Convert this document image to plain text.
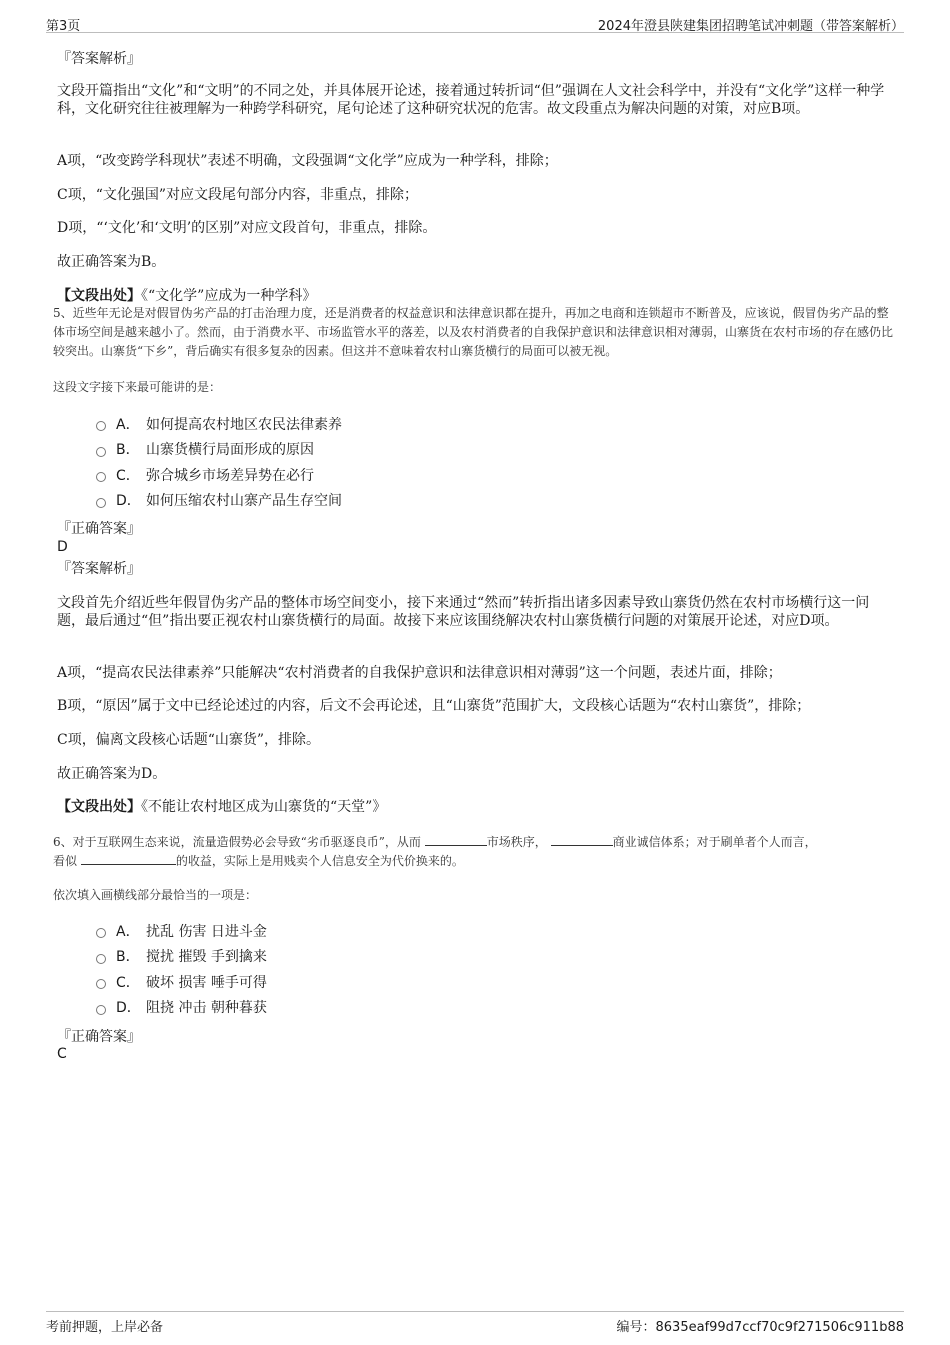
第3页	2024年澄县陕建集团招聘笔试冲刺题（带答案解析）
『答案解析』
文段开篇指出“文化”和“文明”的不同之处，并具体展开论述，接着通过转折词“但”强调在人文社会科学中，并没有“文化学”这样一种学科，文化研究往往被理解为一种跨学科研究，尾句论述了这种研究状况的危害。故文段重点为解决问题的对策，对应B项。
A项，“改变跨学科现状”表述不明确，文段强调“文化学”应成为一种学科，排除；
C项，“文化强国”对应文段尾句部分内容，非重点，排除；
D项，“‘文化’和‘文明’的区别”对应文段首句，非重点，排除。
故正确答案为B。
【文段出处】《“文化学”应成为一种学科》
5、近些年无论是对假冒伪劣产品的打击治理力度，还是消费者的权益意识和法律意识都在提升，再加之电商和连锁超市不断普及，应该说，假冒伪劣产品的整体市场空间是越来越小了。然而，由于消费水平、市场监管水平的落差，以及农村消费者的自我保护意识和法律意识相对薄弱，山寨货在农村市场的存在感仍比较突出。山寨货“下乡”，背后确实有很多复杂的因素。但这并不意味着农村山寨货横行的局面可以被无视。
这段文字接下来最可能讲的是：
A． 如何提高农村地区农民法律素养
B． 山寨货横行局面形成的原因
C． 弥合城乡市场差异势在必行
D． 如何压缩农村山寨产品生存空间
『正确答案』
D
『答案解析』
文段首先介绍近些年假冒伪劣产品的整体市场空间变小，接下来通过“然而”转折指出诸多因素导致山寨货仍然在农村市场横行这一问题，最后通过“但”指出要正视农村山寨货横行的局面。故接下来应该围绕解决农村山寨货横行问题的对策展开论述，对应D项。
A项，“提高农民法律素养”只能解决“农村消费者的自我保护意识和法律意识相对薄弱”这一个问题，表述片面，排除；
B项，“原因”属于文中已经论述过的内容，后文不会再论述，且“山寨货”范围扩大，文段核心话题为“农村山寨货”，排除；
C项，偏离文段核心话题“山寨货”，排除。
故正确答案为D。
【文段出处】《不能让农村地区成为山寨货的“天堂”》
6、对于互联网生态来说，流量造假势必会导致“劣币驱逐良币”，从而	市场秩序，	商业诚信体系；对于刷单者个人而言，
看似	的收益，实际上是用贱卖个人信息安全为代价换来的。
依次填入画横线部分最恰当的一项是：
A． 扰乱 伤害 日进斗金
B． 搅扰 摧毁 手到擒来
C． 破坏 损害 唾手可得
D． 阻挠 冲击 朝种暮获
『正确答案』
C
考前押题，上岸必备	编号：8635eaf99d7ccf70c9f271506c911b88
